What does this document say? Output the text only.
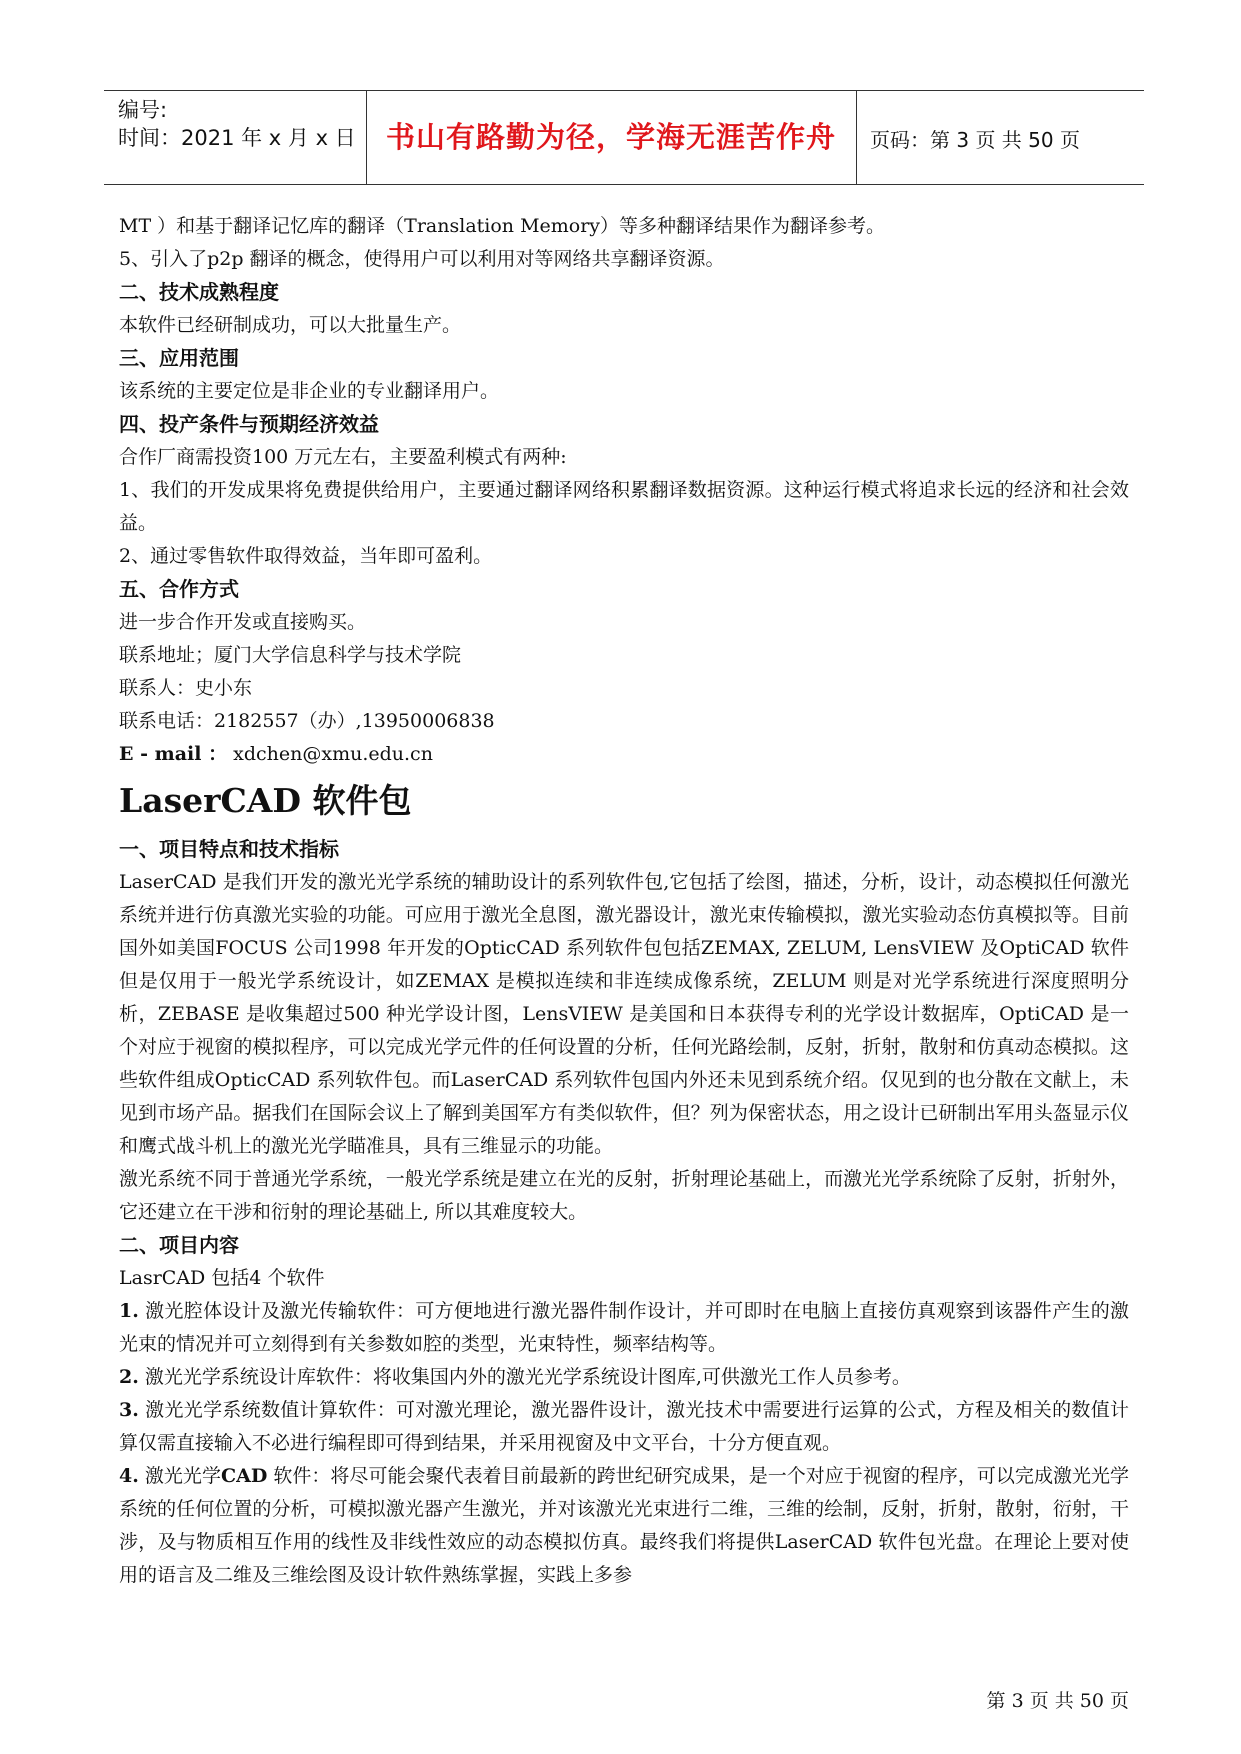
编号:
时间：2021 年 x 月 x 日	书山有路勤为径，学海无涯苦作舟	页码：第 3 页 共 50 页

MT ）和基于翻译记忆库的翻译（Translation Memory）等多种翻译结果作为翻译参考。

5、引入了p2p 翻译的概念，使得用户可以利用对等网络共享翻译资源。

二、技术成熟程度

本软件已经研制成功，可以大批量生产。

三、应用范围

该系统的主要定位是非企业的专业翻译用户。

四、投产条件与预期经济效益

合作厂商需投资100 万元左右，主要盈利模式有两种:

1、我们的开发成果将免费提供给用户，主要通过翻译网络积累翻译数据资源。这种运行模式将追求长远的经济和社会效益。

2、通过零售软件取得效益，当年即可盈利。

五、合作方式

进一步合作开发或直接购买。

联系地址；厦门大学信息科学与技术学院

联系人：史小东

联系电话：2182557（办）,13950006838

E - mail ： xdchen@xmu.edu.cn

LaserCAD 软件包

一、项目特点和技术指标

LaserCAD 是我们开发的激光光学系统的辅助设计的系列软件包,它包括了绘图，描述，分析，设计，动态模拟任何激光系统并进行仿真激光实验的功能。可应用于激光全息图，激光器设计，激光束传输模拟，激光实验动态仿真模拟等。目前国外如美国FOCUS 公司1998 年开发的OpticCAD 系列软件包包括ZEMAX, ZELUM, LensVIEW 及OptiCAD 软件但是仅用于一般光学系统设计，如ZEMAX 是模拟连续和非连续成像系统，ZELUM 则是对光学系统进行深度照明分析，ZEBASE 是收集超过500 种光学设计图，LensVIEW 是美国和日本获得专利的光学设计数据库，OptiCAD 是一个对应于视窗的模拟程序，可以完成光学元件的任何设置的分析，任何光路绘制，反射，折射，散射和仿真动态模拟。这些软件组成OpticCAD 系列软件包。而LaserCAD 系列软件包国内外还未见到系统介绍。仅见到的也分散在文献上，未见到市场产品。据我们在国际会议上了解到美国军方有类似软件，但？列为保密状态，用之设计已研制出军用头盔显示仪和鹰式战斗机上的激光光学瞄准具，具有三维显示的功能。

激光系统不同于普通光学系统，一般光学系统是建立在光的反射，折射理论基础上，而激光光学系统除了反射，折射外，它还建立在干涉和衍射的理论基础上, 所以其难度较大。

二、项目内容

LasrCAD 包括4 个软件

1. 激光腔体设计及激光传输软件：可方便地进行激光器件制作设计，并可即时在电脑上直接仿真观察到该器件产生的激光束的情况并可立刻得到有关参数如腔的类型，光束特性，频率结构等。

2. 激光光学系统设计库软件：将收集国内外的激光光学系统设计图库,可供激光工作人员参考。

3. 激光光学系统数值计算软件：可对激光理论，激光器件设计，激光技术中需要进行运算的公式，方程及相关的数值计算仅需直接输入不必进行编程即可得到结果，并采用视窗及中文平台，十分方便直观。

4. 激光光学CAD 软件：将尽可能会聚代表着目前最新的跨世纪研究成果，是一个对应于视窗的程序，可以完成激光光学系统的任何位置的分析，可模拟激光器产生激光，并对该激光光束进行二维，三维的绘制，反射，折射，散射，衍射，干涉，及与物质相互作用的线性及非线性效应的动态模拟仿真。最终我们将提供LaserCAD 软件包光盘。在理论上要对使用的语言及二维及三维绘图及设计软件熟练掌握，实践上多参

第 3 页 共 50 页
